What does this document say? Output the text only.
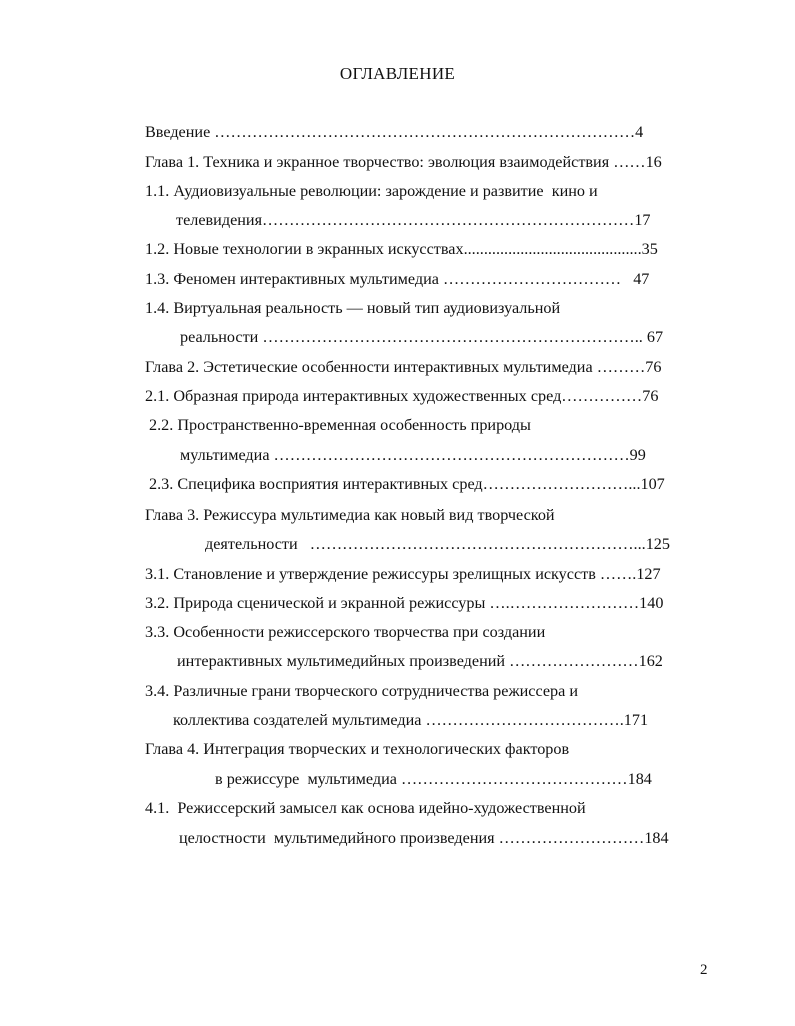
ОГЛАВЛЕНИЕ
Введение ……………………………………………………………………4
Глава 1. Техника и экранное творчество: эволюция взаимодействия ……16
1.1. Аудиовизуальные революции: зарождение и развитие  кино и
телевидения……………………………………………………………17
1.2. Новые технологии в экранных искусствах............................................35
1.3. Феномен интерактивных мультимедиа ……………………………   47
1.4. Виртуальная реальность — новый тип аудиовизуальной
реальности …………………………………………………………….. 67
Глава 2. Эстетические особенности интерактивных мультимедиа ………76
2.1. Образная природа интерактивных художественных сред……………76
2.2. Пространственно-временная особенность природы
мультимедиа …………………………………………………………99
2.3. Специфика восприятия интерактивных сред………………………...107
Глава 3. Режиссура мультимедиа как новый вид творческой
деятельности   ……………………………………………………...125
3.1. Становление и утверждение режиссуры зрелищных искусств …….127
3.2. Природа сценической и экранной режиссуры ….……………………140
3.3. Особенности режиссерского творчества при создании
интерактивных мультимедийных произведений ……………………162
3.4. Различные грани творческого сотрудничества режиссера и
коллектива создателей мультимедиа ……………………………….171
Глава 4. Интеграция творческих и технологических факторов
в режиссуре  мультимедиа ……………………………………184
4.1.  Режиссерский замысел как основа идейно-художественной
целостности  мультимедийного произведения ………………………184
2
